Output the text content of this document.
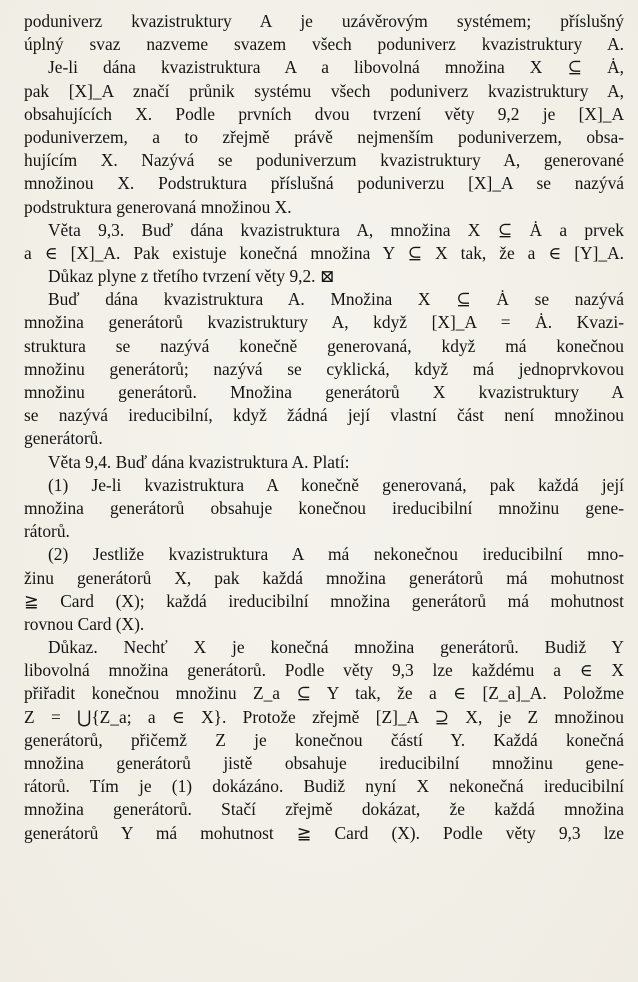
poduniverz kvazistruktury A je uzávěrovým systémem; příslušný
úplný svaz nazveme svazem všech poduniverz kvazistruktury A.
Je-li dána kvazistruktura A a libovolná množina X ⊆ Ȧ,
pak [X]_A značí průnik systému všech poduniverz kvazistruktury A,
obsahujících X. Podle prvních dvou tvrzení věty 9,2 je [X]_A
poduniverzem, a to zřejmě právě nejmenším poduniverzem, obsa-
hujícím X. Nazývá se poduniverzum kvazistruktury A, generované
množinou X. Podstruktura příslušná poduniverzu [X]_A se nazývá
podstruktura generovaná množinou X.
Věta 9,3. Buď dána kvazistruktura A, množina X ⊆ Ȧ a prvek
a ∈ [X]_A. Pak existuje konečná množina Y ⊆ X tak, že a ∈ [Y]_A.
Důkaz plyne z třetího tvrzení věty 9,2. ⊠
Buď dána kvazistruktura A. Množina X ⊆ Ȧ se nazývá
množina generátorů kvazistruktury A, když [X]_A = Ȧ. Kvazi-
struktura se nazývá konečně generovaná, když má konečnou
množinu generátorů; nazývá se cyklická, když má jednoprvkovou
množinu generátorů. Množina generátorů X kvazistruktury A
se nazývá ireducibilní, když žádná její vlastní část není množinou
generátorů.
Věta 9,4. Buď dána kvazistruktura A. Platí:
(1) Je-li kvazistruktura A konečně generovaná, pak každá její
množina generátorů obsahuje konečnou ireducibilní množinu gene-
rátorů.
(2) Jestliže kvazistruktura A má nekonečnou ireducibilní mno-
žinu generátorů X, pak každá množina generátorů má mohutnost
≧ Card (X); každá ireducibilní množina generátorů má mohutnost
rovnou Card (X).
Důkaz. Nechť X je konečná množina generátorů. Budiž Y
libovolná množina generátorů. Podle věty 9,3 lze každému a ∈ X
přiřadit konečnou množinu Z_a ⊆ Y tak, že a ∈ [Z_a]_A. Položme
Z = ⋃{Z_a; a ∈ X}. Protože zřejmě [Z]_A ⊇ X, je Z množinou
generátorů, přičemž Z je konečnou částí Y. Každá konečná
množina generátorů jistě obsahuje ireducibilní množinu gene-
rátorů. Tím je (1) dokázáno. Budiž nyní X nekonečná ireducibilní
množina generátorů. Stačí zřejmě dokázat, že každá množina
generátorů Y má mohutnost ≧ Card (X). Podle věty 9,3 lze
